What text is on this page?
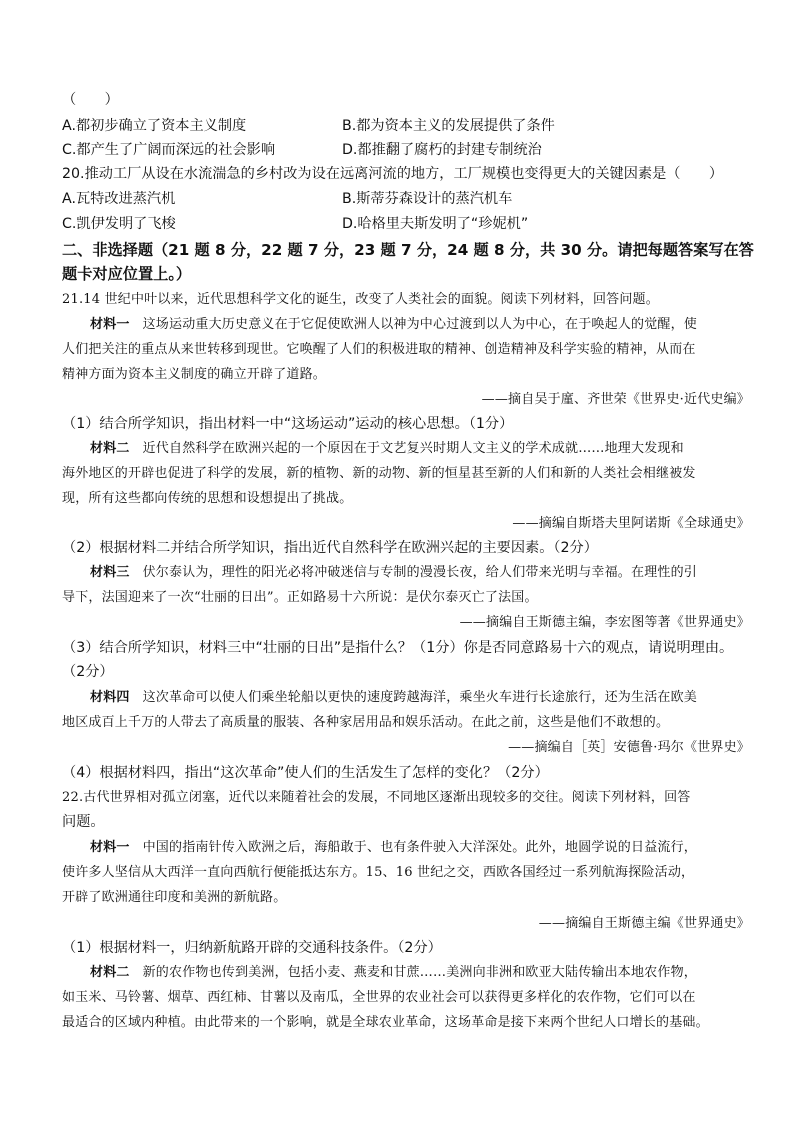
（　　）
A.都初步确立了资本主义制度	B.都为资本主义的发展提供了条件
C.都产生了广阔而深远的社会影响	D.都推翻了腐朽的封建专制统治
20.推动工厂从设在水流湍急的乡村改为设在远离河流的地方，工厂规模也变得更大的关键因素是（　　）
A.瓦特改进蒸汽机	B.斯蒂芬森设计的蒸汽机车
C.凯伊发明了飞梭	D.哈格里夫斯发明了“珍妮机”
二、非选择题（21 题 8 分，22 题 7 分，23 题 7 分，24 题 8 分，共 30 分。请把每题答案写在答
题卡对应位置上。）
21.14 世纪中叶以来，近代思想科学文化的诞生，改变了人类社会的面貌。阅读下列材料，回答问题。
材料一 这场运动重大历史意义在于它促使欧洲人以神为中心过渡到以人为中心，在于唤起人的觉醒，使
人们把关注的重点从来世转移到现世。它唤醒了人们的积极进取的精神、创造精神及科学实验的精神，从而在
精神方面为资本主义制度的确立开辟了道路。
——摘自吴于廑、齐世荣《世界史·近代史编》
（1）结合所学知识，指出材料一中“这场运动”运动的核心思想。（1分）
材料二 近代自然科学在欧洲兴起的一个原因在于文艺复兴时期人文主义的学术成就……地理大发现和
海外地区的开辟也促进了科学的发展，新的植物、新的动物、新的恒星甚至新的人们和新的人类社会相继被发
现，所有这些都向传统的思想和设想提出了挑战。
——摘编自斯塔夫里阿诺斯《全球通史》
（2）根据材料二并结合所学知识，指出近代自然科学在欧洲兴起的主要因素。（2分）
材料三 伏尔泰认为，理性的阳光必将冲破迷信与专制的漫漫长夜，给人们带来光明与幸福。在理性的引
导下，法国迎来了一次“壮丽的日出”。正如路易十六所说：是伏尔泰灭亡了法国。
——摘编自王斯德主编，李宏图等著《世界通史》
（3）结合所学知识，材料三中“壮丽的日出”是指什么？（1分）你是否同意路易十六的观点，请说明理由。
（2分）
材料四 这次革命可以使人们乘坐轮船以更快的速度跨越海洋，乘坐火车进行长途旅行，还为生活在欧美
地区成百上千万的人带去了高质量的服装、各种家居用品和娱乐活动。在此之前，这些是他们不敢想的。
——摘编自［英］安德鲁·玛尔《世界史》
（4）根据材料四，指出“这次革命”使人们的生活发生了怎样的变化？（2分）
22.古代世界相对孤立闭塞，近代以来随着社会的发展，不同地区逐渐出现较多的交往。阅读下列材料，回答
问题。
材料一 中国的指南针传入欧洲之后，海船敢于、也有条件驶入大洋深处。此外，地圆学说的日益流行，
使许多人坚信从大西洋一直向西航行便能抵达东方。15、16 世纪之交，西欧各国经过一系列航海探险活动，
开辟了欧洲通往印度和美洲的新航路。
——摘编自王斯德主编《世界通史》
（1）根据材料一，归纳新航路开辟的交通科技条件。（2分）
材料二 新的农作物也传到美洲，包括小麦、燕麦和甘蔗……美洲向非洲和欧亚大陆传输出本地农作物，
如玉米、马铃薯、烟草、西红柿、甘薯以及南瓜，全世界的农业社会可以获得更多样化的农作物，它们可以在
最适合的区域内种植。由此带来的一个影响，就是全球农业革命，这场革命是接下来两个世纪人口增长的基础。
